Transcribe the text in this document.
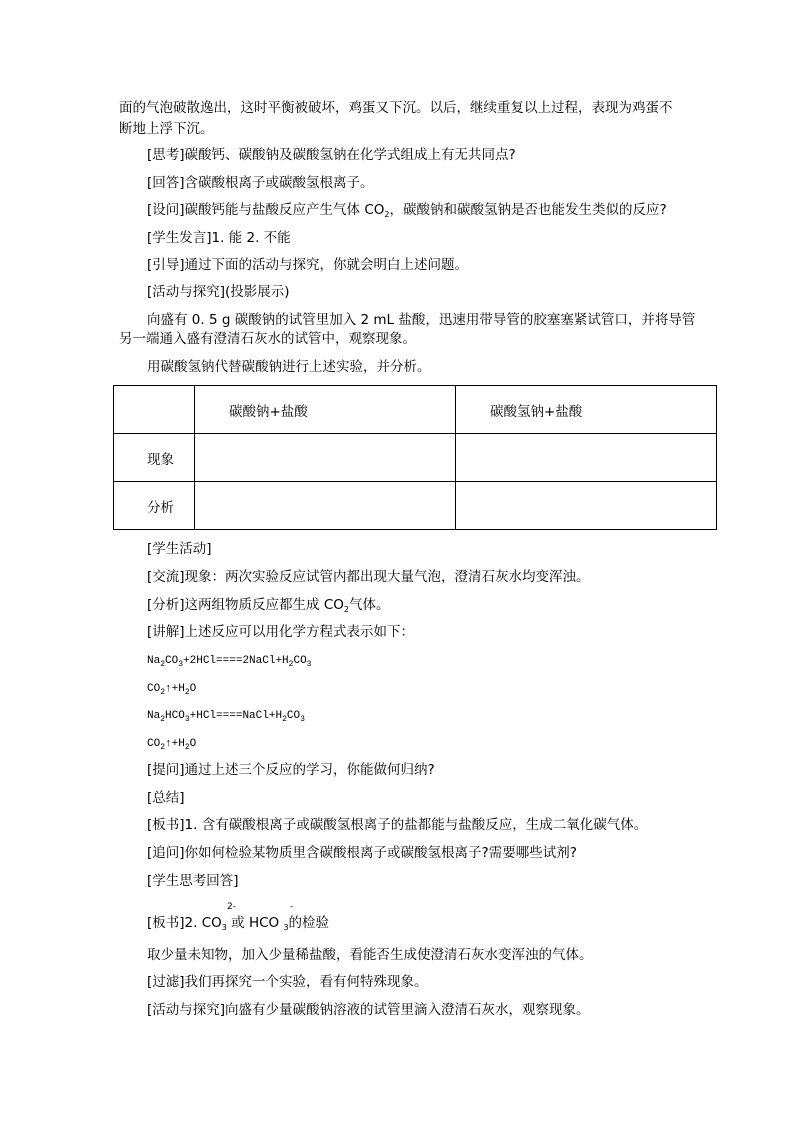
面的气泡破散逸出，这时平衡被破坏，鸡蛋又下沉。以后，继续重复以上过程，表现为鸡蛋不
断地上浮下沉。
[思考]碳酸钙、碳酸钠及碳酸氢钠在化学式组成上有无共同点?
[回答]含碳酸根离子或碳酸氢根离子。
[设问]碳酸钙能与盐酸反应产生气体 $CO_2$，碳酸钠和碳酸氢钠是否也能发生类似的反应?
[学生发言]1. 能 2. 不能
[引导]通过下面的活动与探究，你就会明白上述问题。
[活动与探究](投影展示)
向盛有 0. 5 g 碳酸钠的试管里加入 2 mL 盐酸，迅速用带导管的胶塞塞紧试管口，并将导管
另一端通入盛有澄清石灰水的试管中，观察现象。
用碳酸氢钠代替碳酸钠进行上述实验，并分析。
	碳酸钠+盐酸	碳酸氢钠+盐酸
现象		
分析		
[学生活动]
[交流]现象：两次实验反应试管内都出现大量气泡，澄清石灰水均变浑浊。
[分析]这两组物质反应都生成 $CO_2$气体。
[讲解]上述反应可以用化学方程式表示如下：
$Na_2CO_3+2HCl====2NaCl+H_2CO_3$
$CO_2↑+H_2O$
$Na_2HCO_3+HCl====NaCl+H_2CO_3$
$CO_2↑+H_2O$
[提问]通过上述三个反应的学习，你能做何归纳?
[总结]
[板书]1. 含有碳酸根离子或碳酸氢根离子的盐都能与盐酸反应，生成二氧化碳气体。
[追问]你如何检验某物质里含碳酸根离子或碳酸氢根离子?需要哪些试剂?
[学生思考回答]
[板书]2. $CO_3$ 或 HCO $_3$的检验
2-	-
取少量未知物，加入少量稀盐酸，看能否生成使澄清石灰水变浑浊的气体。
[过滤]我们再探究一个实验，看有何特殊现象。
[活动与探究]向盛有少量碳酸钠溶液的试管里滴入澄清石灰水，观察现象。
